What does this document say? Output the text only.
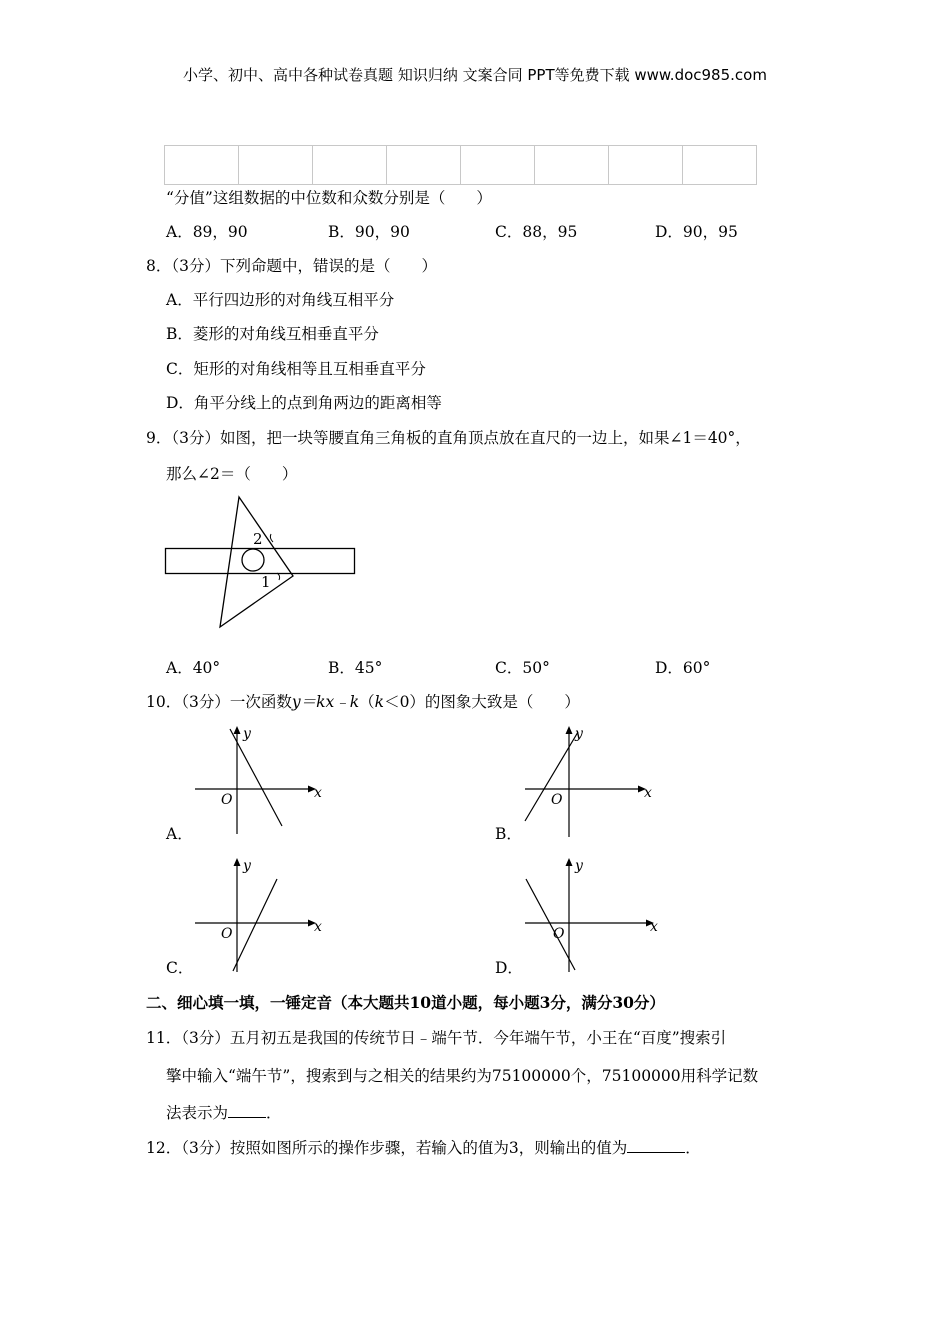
小学、初中、高中各种试卷真题 知识归纳 文案合同 PPT等免费下载 www.doc985.com

“分值”这组数据的中位数和众数分别是（　　）
A．89，90	B．90，90	C．88，95	D．90，95
8．（3分）下列命题中，错误的是（　　）
A．平行四边形的对角线互相平分
B．菱形的对角线互相垂直平分
C．矩形的对角线相等且互相垂直平分
D．角平分线上的点到角两边的距离相等
9．（3分）如图，把一块等腰直角三角板的直角顶点放在直尺的一边上，如果∠1＝40°，
那么∠2＝（　　）
2
1
A．40°	B．45°	C．50°	D．60°
10．（3分）一次函数y＝kx﹣k（k＜0）的图象大致是（　　）
y
x
O
A．
y
x
O
B．
y
x
O
C．
y
x
O
D．
二、细心填一填，一锤定音（本大题共10道小题，每小题3分，满分30分）
11．（3分）五月初五是我国的传统节日﹣端午节．今年端午节，小王在“百度”搜索引
擎中输入“端午节”，搜索到与之相关的结果约为75100000个，75100000用科学记数
法表示为 ．
12．（3分）按照如图所示的操作步骤，若输入的值为3，则输出的值为	．
